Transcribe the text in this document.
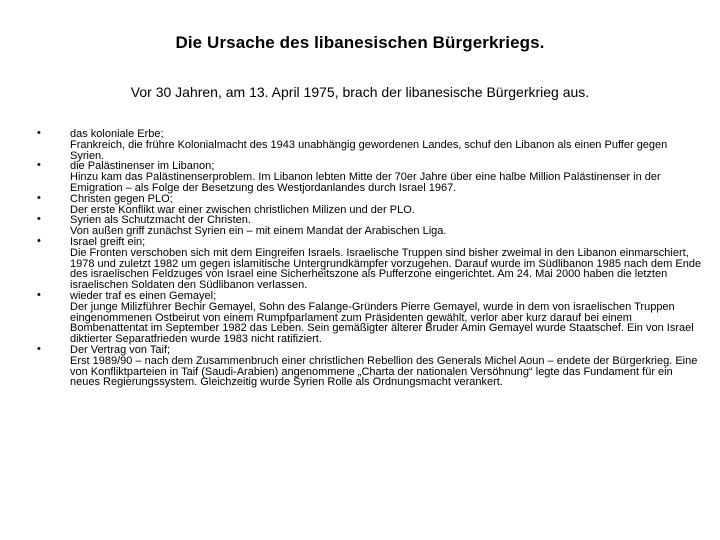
Die Ursache des libanesischen Bürgerkriegs.
Vor 30 Jahren, am 13. April 1975, brach der libanesische Bürgerkrieg aus.
•	das koloniale Erbe;
Frankreich, die frühre Kolonialmacht des 1943 unabhängig gewordenen Landes, schuf den Libanon als einen Puffer gegen Syrien.
•	die Palästinenser im Libanon;
Hinzu kam das Palästinenserproblem. Im Libanon lebten Mitte der 70er Jahre über eine halbe Million Palästinenser in der Emigration – als Folge der Besetzung des Westjordanlandes durch Israel 1967.
•	Christen gegen PLO;
Der erste Konflikt war einer zwischen christlichen Milizen und der PLO.
•	Syrien als Schutzmacht der Christen.
Von außen griff zunächst Syrien ein – mit einem Mandat der Arabischen Liga.
•	Israel greift ein;
Die Fronten verschoben sich mit dem Eingreifen Israels. Israelische Truppen sind bisher zweimal in den Libanon einmarschiert, 1978 und zuletzt 1982 um gegen islamitische Untergrundkämpfer vorzugehen. Darauf wurde im Südlibanon 1985 nach dem Ende des israelischen Feldzuges von Israel eine Sicherheitszone als Pufferzone eingerichtet. Am 24. Mai 2000 haben die letzten israelischen Soldaten den Südlibanon verlassen.
•	wieder traf es einen Gemayel;
Der junge Milizführer Bechir Gemayel, Sohn des Falange-Gründers Pierre Gemayel, wurde in dem von israelischen Truppen eingenommenen Ostbeirut von einem Rumpfparlament zum Präsidenten gewählt, verlor aber kurz darauf bei einem Bombenattentat im September 1982 das Leben. Sein gemäßigter älterer Bruder Amin Gemayel wurde Staatschef. Ein von Israel diktierter Separatfrieden wurde 1983 nicht ratifiziert.
•	Der Vertrag von Taif;
Erst 1989/90 – nach dem Zusammenbruch einer christlichen Rebellion des Generals Michel Aoun – endete der Bürgerkrieg. Eine von Konfliktparteien in Taif (Saudi-Arabien) angenommene „Charta der nationalen Versöhnung“ legte das Fundament für ein neues Regierungssystem. Gleichzeitig wurde Syrien Rolle als Ordnungsmacht verankert.
